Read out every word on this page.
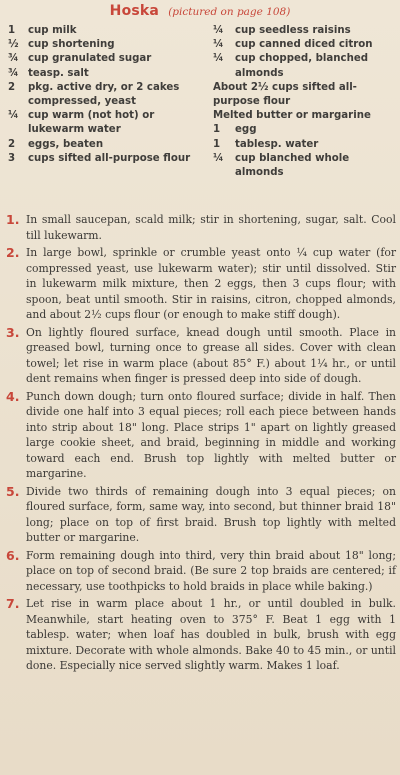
Hoska (pictured on page 108)
1	cup milk
½ cup shortening
¾ cup granulated sugar
¾ teasp. salt
2	pkg. active dry, or 2 cakes compressed, yeast
¼ cup warm (not hot) or lukewarm water
2	eggs, beaten
3	cups sifted all-purpose flour
¼	cup seedless raisins
¼	cup canned diced citron
¼	cup chopped, blanched almonds
About 2½ cups sifted all-purpose flour
Melted butter or margarine
1	egg
1	tablesp. water
¼	cup blanched whole almonds
1. In small saucepan, scald milk; stir in shortening, sugar, salt. Cool till lukewarm.
2. In large bowl, sprinkle or crumble yeast onto ¼ cup water (for compressed yeast, use lukewarm water); stir until dissolved. Stir in lukewarm milk mixture, then 2 eggs, then 3 cups flour; with spoon, beat until smooth. Stir in raisins, citron, chopped almonds, and about 2½ cups flour (or enough to make stiff dough).
3. On lightly floured surface, knead dough until smooth. Place in greased bowl, turning once to grease all sides. Cover with clean towel; let rise in warm place (about 85° F.) about 1¼ hr., or until dent remains when finger is pressed deep into side of dough.
4. Punch down dough; turn onto floured surface; divide in half. Then divide one half into 3 equal pieces; roll each piece between hands into strip about 18" long. Place strips 1" apart on lightly greased large cookie sheet, and braid, beginning in middle and working toward each end. Brush top lightly with melted butter or margarine.
5. Divide two thirds of remaining dough into 3 equal pieces; on floured surface, form, same way, into second, but thinner braid 18" long; place on top of first braid. Brush top lightly with melted butter or margarine.
6. Form remaining dough into third, very thin braid about 18" long; place on top of second braid. (Be sure 2 top braids are centered; if necessary, use toothpicks to hold braids in place while baking.)
7. Let rise in warm place about 1 hr., or until doubled in bulk. Meanwhile, start heating oven to 375° F. Beat 1 egg with 1 tablesp. water; when loaf has doubled in bulk, brush with egg mixture. Decorate with whole almonds. Bake 40 to 45 min., or until done. Especially nice served slightly warm. Makes 1 loaf.
